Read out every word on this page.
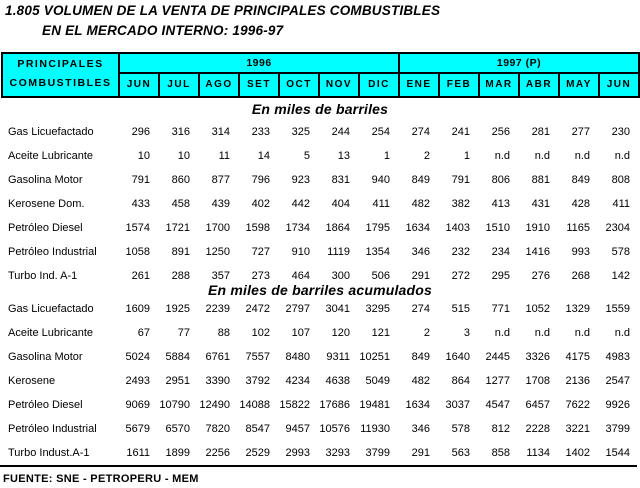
1.805 VOLUMEN DE LA VENTA DE PRINCIPALES COMBUSTIBLES
EN EL MERCADO INTERNO: 1996-97
PRINCIPALES
COMBUSTIBLES	1996							1997 (P)					
	JUN	JUL	AGO	SET	OCT	NOV	DIC	ENE	FEB	MAR	ABR	MAY	JUN
En miles de barriles
Gas Licuefactado	296	316	314	233	325	244	254	274	241	256	281	277	230
Aceite Lubricante	10	10	11	14	5	13	1	2	1	n.d	n.d	n.d	n.d
Gasolina Motor	791	860	877	796	923	831	940	849	791	806	881	849	808
Kerosene Dom.	433	458	439	402	442	404	411	482	382	413	431	428	411
Petróleo Diesel	1574	1721	1700	1598	1734	1864	1795	1634	1403	1510	1910	1165	2304
Petróleo Industrial	1058	891	1250	727	910	1119	1354	346	232	234	1416	993	578
Turbo Ind. A-1	261	288	357	273	464	300	506	291	272	295	276	268	142
En miles de barriles acumulados
Gas Licuefactado	1609	1925	2239	2472	2797	3041	3295	274	515	771	1052	1329	1559
Aceite Lubricante	67	77	88	102	107	120	121	2	3	n.d	n.d	n.d	n.d
Gasolina Motor	5024	5884	6761	7557	8480	9311 10251	849	1640	2445	3326	4175	4983
Kerosene	2493	2951	3390	3792	4234	4638	5049	482	864	1277	1708	2136	2547
Petróleo Diesel	9069 10790 12490 14088 15822 17686 19481	1634	3037	4547	6457	7622	9926
Petróleo Industrial	5679	6570	7820	8547	9457 10576 11930	346	578	812	2228	3221	3799
Turbo Indust.A-1	1611	1899	2256	2529	2993	3293	3799	291	563	858	1134	1402	1544
FUENTE: SNE - PETROPERU - MEM
